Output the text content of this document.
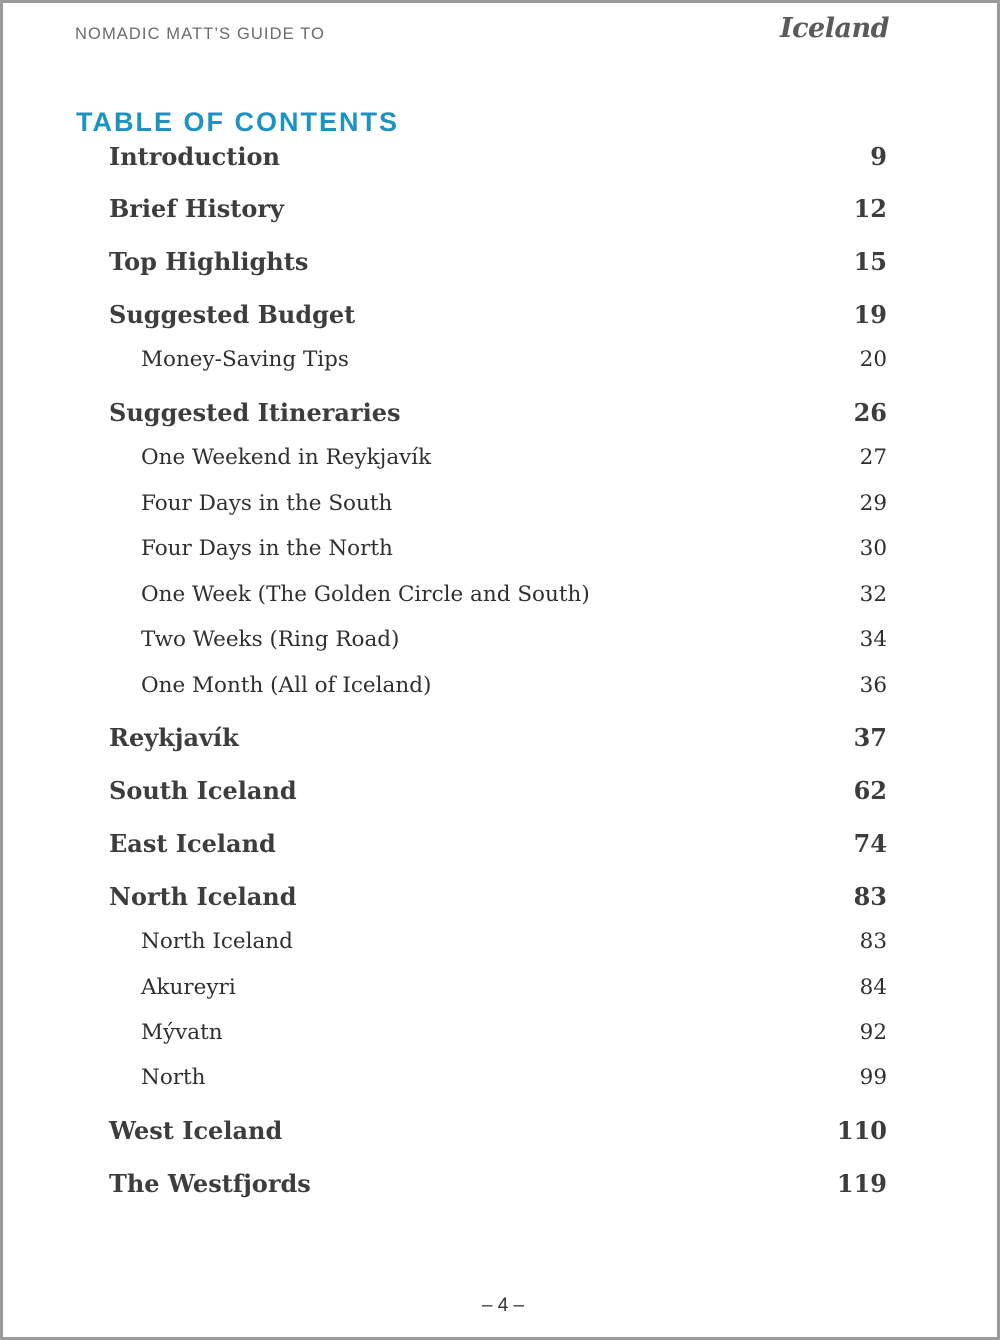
NOMADIC MATT’S GUIDE TO	Iceland
TABLE OF CONTENTS
Introduction	9
Brief History	12
Top Highlights	15
Suggested Budget	19
Money-Saving Tips	20
Suggested Itineraries	26
One Weekend in Reykjavík	27
Four Days in the South	29
Four Days in the North	30
One Week (The Golden Circle and South)	32
Two Weeks (Ring Road)	34
One Month (All of Iceland)	36
Reykjavík	37
South Iceland	62
East Iceland	74
North Iceland	83
North Iceland	83
Akureyri	84
Mývatn	92
North	99
West Iceland	110
The Westfjords	119
– 4 –
